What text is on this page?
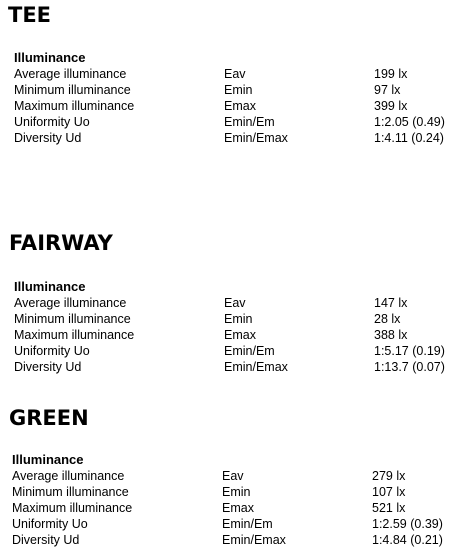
TEE
Illuminance
Average illuminance	Eav	199 lx
Minimum illuminance	Emin	97 lx
Maximum illuminance	Emax	399 lx
Uniformity Uo	Emin/Em	1:2.05 (0.49)
Diversity Ud	Emin/Emax	1:4.11 (0.24)
FAIRWAY
Illuminance
Average illuminance	Eav	147 lx
Minimum illuminance	Emin	28 lx
Maximum illuminance	Emax	388 lx
Uniformity Uo	Emin/Em	1:5.17 (0.19)
Diversity Ud	Emin/Emax	1:13.7 (0.07)
GREEN
Illuminance
Average illuminance	Eav	279 lx
Minimum illuminance	Emin	107 lx
Maximum illuminance	Emax	521 lx
Uniformity Uo	Emin/Em	1:2.59 (0.39)
Diversity Ud	Emin/Emax	1:4.84 (0.21)
